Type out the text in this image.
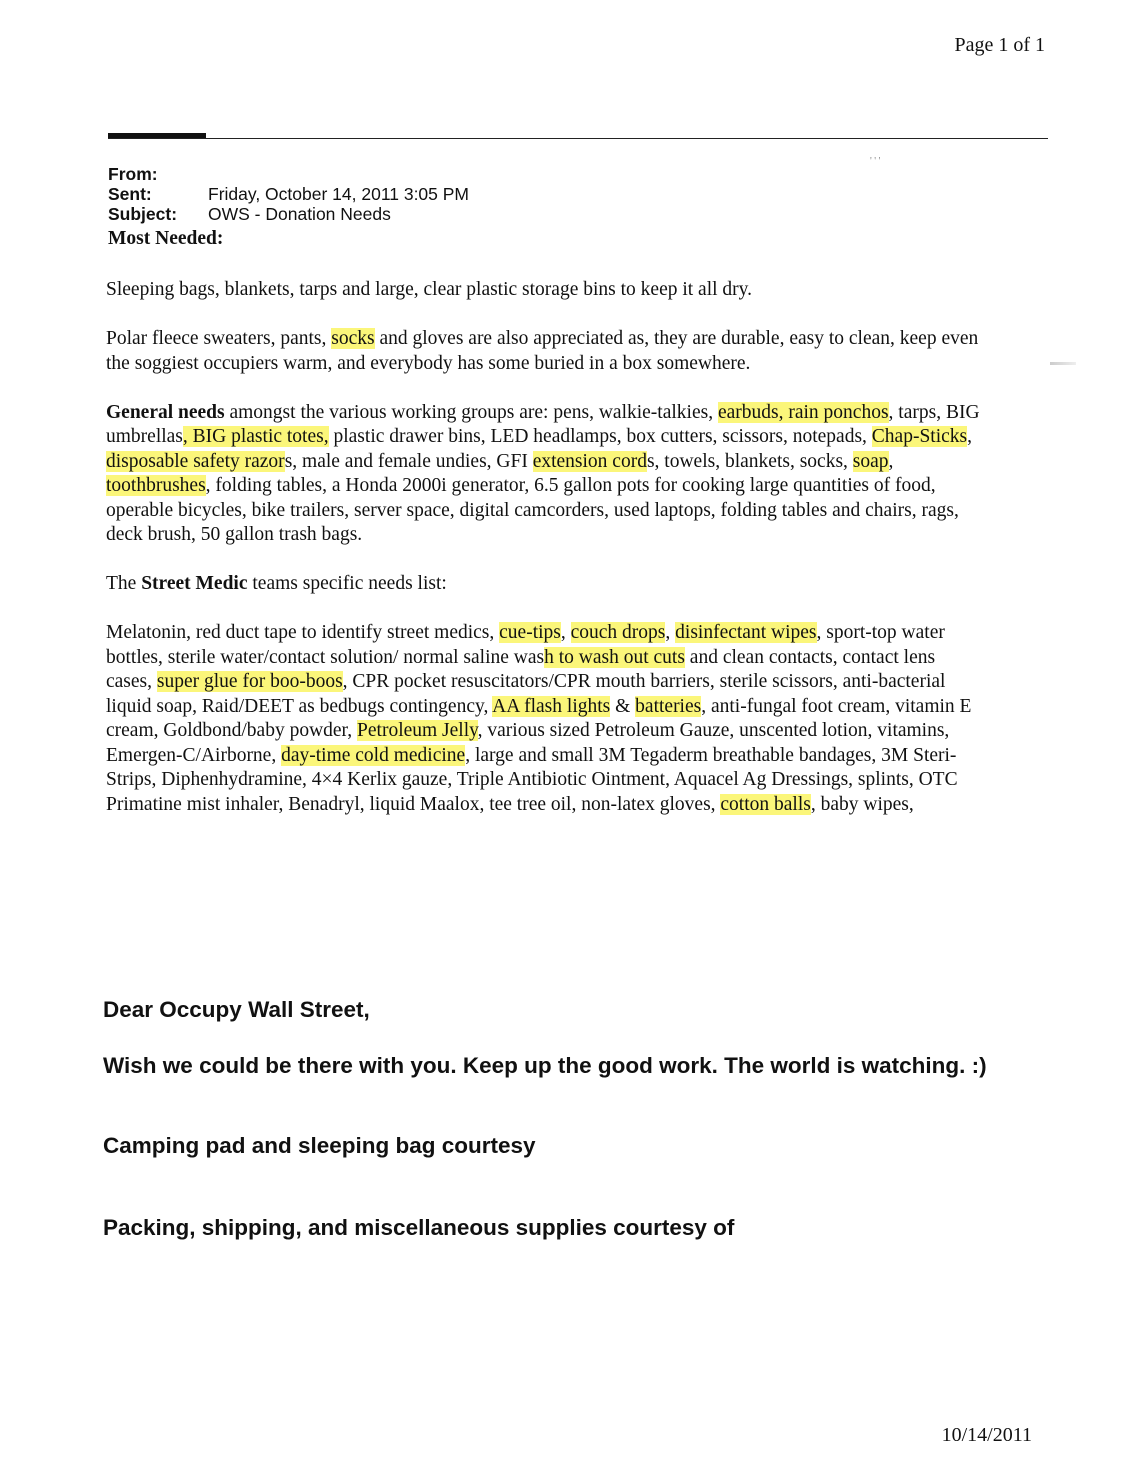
Page 1 of 1
' ' '
From:
Sent:	Friday, October 14, 2011 3:05 PM
Subject:	OWS - Donation Needs
Most Needed:

Sleeping bags, blankets, tarps and large, clear plastic storage bins to keep it all dry.

Polar fleece sweaters, pants, socks and gloves are also appreciated as, they are durable, easy to clean, keep even the soggiest occupiers warm, and everybody has some buried in a box somewhere.

General needs amongst the various working groups are: pens, walkie-talkies, earbuds, rain ponchos, tarps, BIG umbrellas, BIG plastic totes, plastic drawer bins, LED headlamps, box cutters, scissors, notepads, Chap-Sticks, disposable safety razors, male and female undies, GFI extension cords, towels, blankets, socks, soap, toothbrushes, folding tables, a Honda 2000i generator, 6.5 gallon pots for cooking large quantities of food, operable bicycles, bike trailers, server space, digital camcorders, used laptops, folding tables and chairs, rags, deck brush, 50 gallon trash bags.

The Street Medic teams specific needs list:

Melatonin, red duct tape to identify street medics, cue-tips, couch drops, disinfectant wipes, sport-top water bottles, sterile water/contact solution/ normal saline wash to wash out cuts and clean contacts, contact lens cases, super glue for boo-boos, CPR pocket resuscitators/CPR mouth barriers, sterile scissors, anti-bacterial liquid soap, Raid/DEET as bedbugs contingency, AA flash lights & batteries, anti-fungal foot cream, vitamin E cream, Goldbond/baby powder, Petroleum Jelly, various sized Petroleum Gauze, unscented lotion, vitamins, Emergen-C/Airborne, day-time cold medicine, large and small 3M Tegaderm breathable bandages, 3M Steri-Strips, Diphenhydramine, 4×4 Kerlix gauze, Triple Antibiotic Ointment, Aquacel Ag Dressings, splints, OTC Primatine mist inhaler, Benadryl, liquid Maalox, tee tree oil, non-latex gloves, cotton balls, baby wipes,

Dear Occupy Wall Street,
Wish we could be there with you. Keep up the good work. The world is watching. :)
Camping pad and sleeping bag courtesy
Packing, shipping, and miscellaneous supplies courtesy of
10/14/2011
